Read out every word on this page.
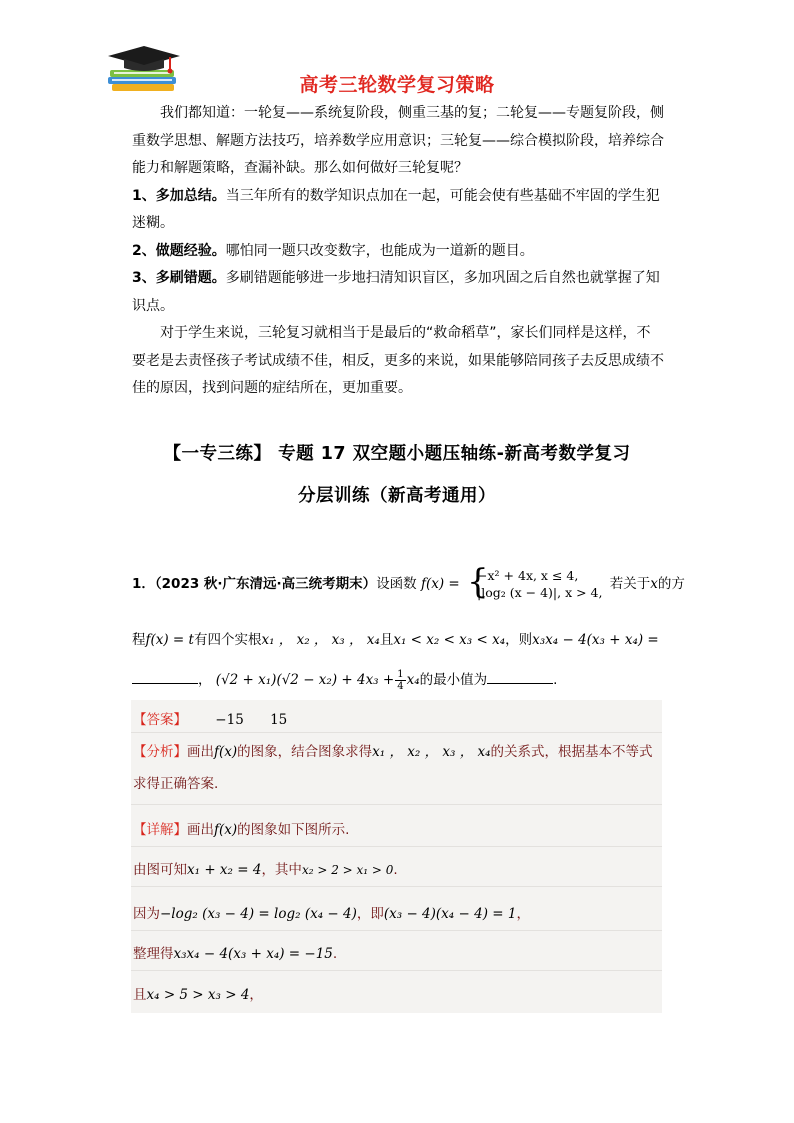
高考三轮数学复习策略

我们都知道：一轮复——系统复阶段，侧重三基的复；二轮复——专题复阶段，侧重数学思想、解题方法技巧，培养数学应用意识；三轮复——综合模拟阶段，培养综合能力和解题策略，查漏补缺。那么如何做好三轮复呢？

1、多加总结。当三年所有的数学知识点加在一起，可能会使有些基础不牢固的学生犯迷糊。

2、做题经验。哪怕同一题只改变数字，也能成为一道新的题目。

3、多刷错题。多刷错题能够进一步地扫清知识盲区，多加巩固之后自然也就掌握了知识点。

对于学生来说，三轮复习就相当于是最后的“救命稻草”，家长们同样是这样，不要老是去责怪孩子考试成绩不佳，相反，更多的来说，如果能够陪同孩子去反思成绩不佳的原因，找到问题的症结所在，更加重要。

【一专三练】 专题 17 双空题小题压轴练-新高考数学复习
分层训练（新高考通用）
1．（2023 秋·广东清远·高三统考期末）设函数 f(x) = {
−x² + 4x, x ≤ 4,
|log₂ (x − 4)|, x > 4,
若关于x的方
程f(x) = t有四个实根x₁ ， x₂ ， x₃ ， x₄且x₁ < x₂ < x₃ < x₄，则x₃x₄ − 4(x₃ + x₄) =
， $(√2 + x_1)(√2 - x_2) + 4x_3 + \frac{1}{4} x_4$的最小值为	.
【答案】 −15 15
【分析】画出f(x)的图象，结合图象求得x₁ ， x₂ ， x₃ ， x₄的关系式，根据基本不等式求得正确答案.
【详解】画出f(x)的图象如下图所示.
由图可知x₁ + x₂ = 4，其中x₂ > 2 > x₁ > 0.
因为−log₂ (x₃ − 4) = log₂ (x₄ − 4)，即(x₃ − 4)(x₄ − 4) = 1，
整理得x₃x₄ − 4(x₃ + x₄) = −15.
且x₄ > 5 > x₃ > 4，
